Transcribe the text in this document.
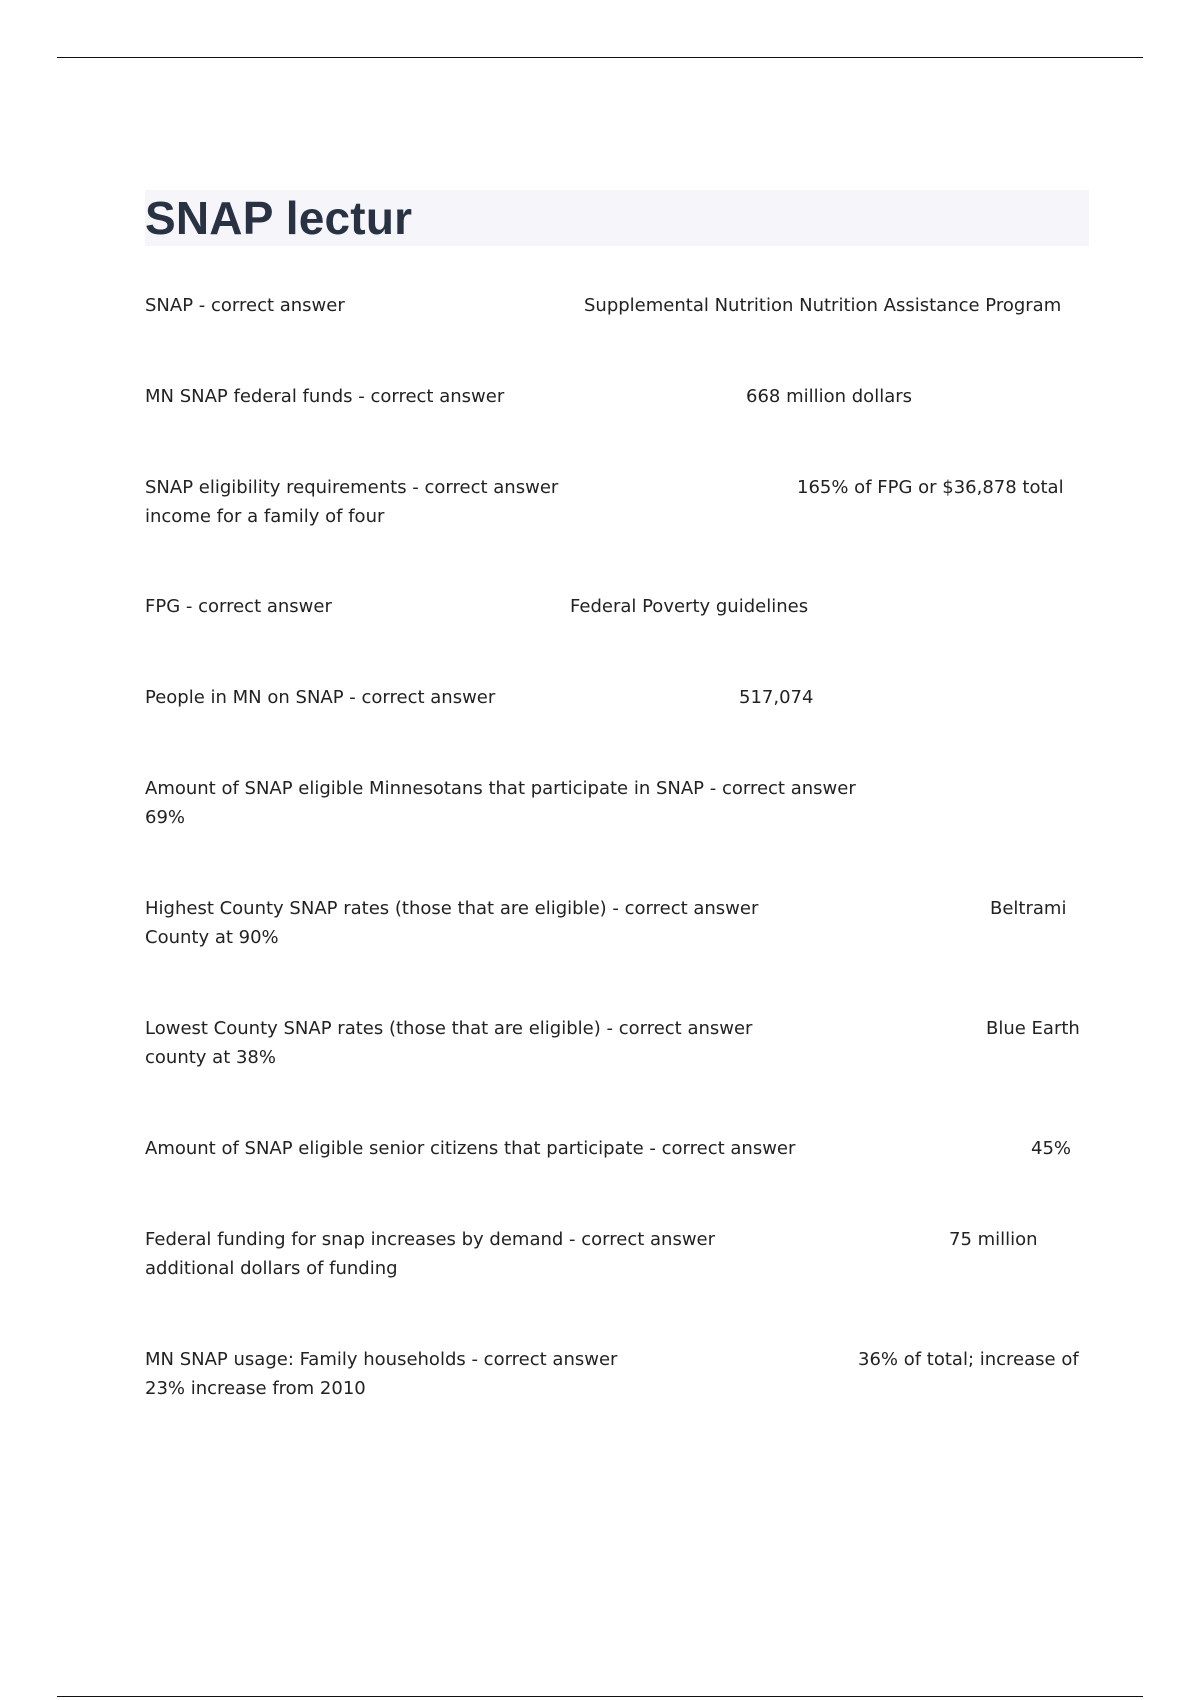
SNAP lectur
SNAP - correct answer	Supplemental Nutrition Nutrition Assistance Program
MN SNAP federal funds - correct answer	668 million dollars
SNAP eligibility requirements - correct answer	165% of FPG or $36,878 total
income for a family of four
FPG - correct answer	Federal Poverty guidelines
People in MN on SNAP - correct answer	517,074
Amount of SNAP eligible Minnesotans that participate in SNAP - correct answer
69%
Highest County SNAP rates (those that are eligible) - correct answer	Beltrami
County at 90%
Lowest County SNAP rates (those that are eligible) - correct answer	Blue Earth
county at 38%
Amount of SNAP eligible senior citizens that participate - correct answer	45%
Federal funding for snap increases by demand - correct answer	75 million
additional dollars of funding
MN SNAP usage: Family households - correct answer	36% of total; increase of
23% increase from 2010
